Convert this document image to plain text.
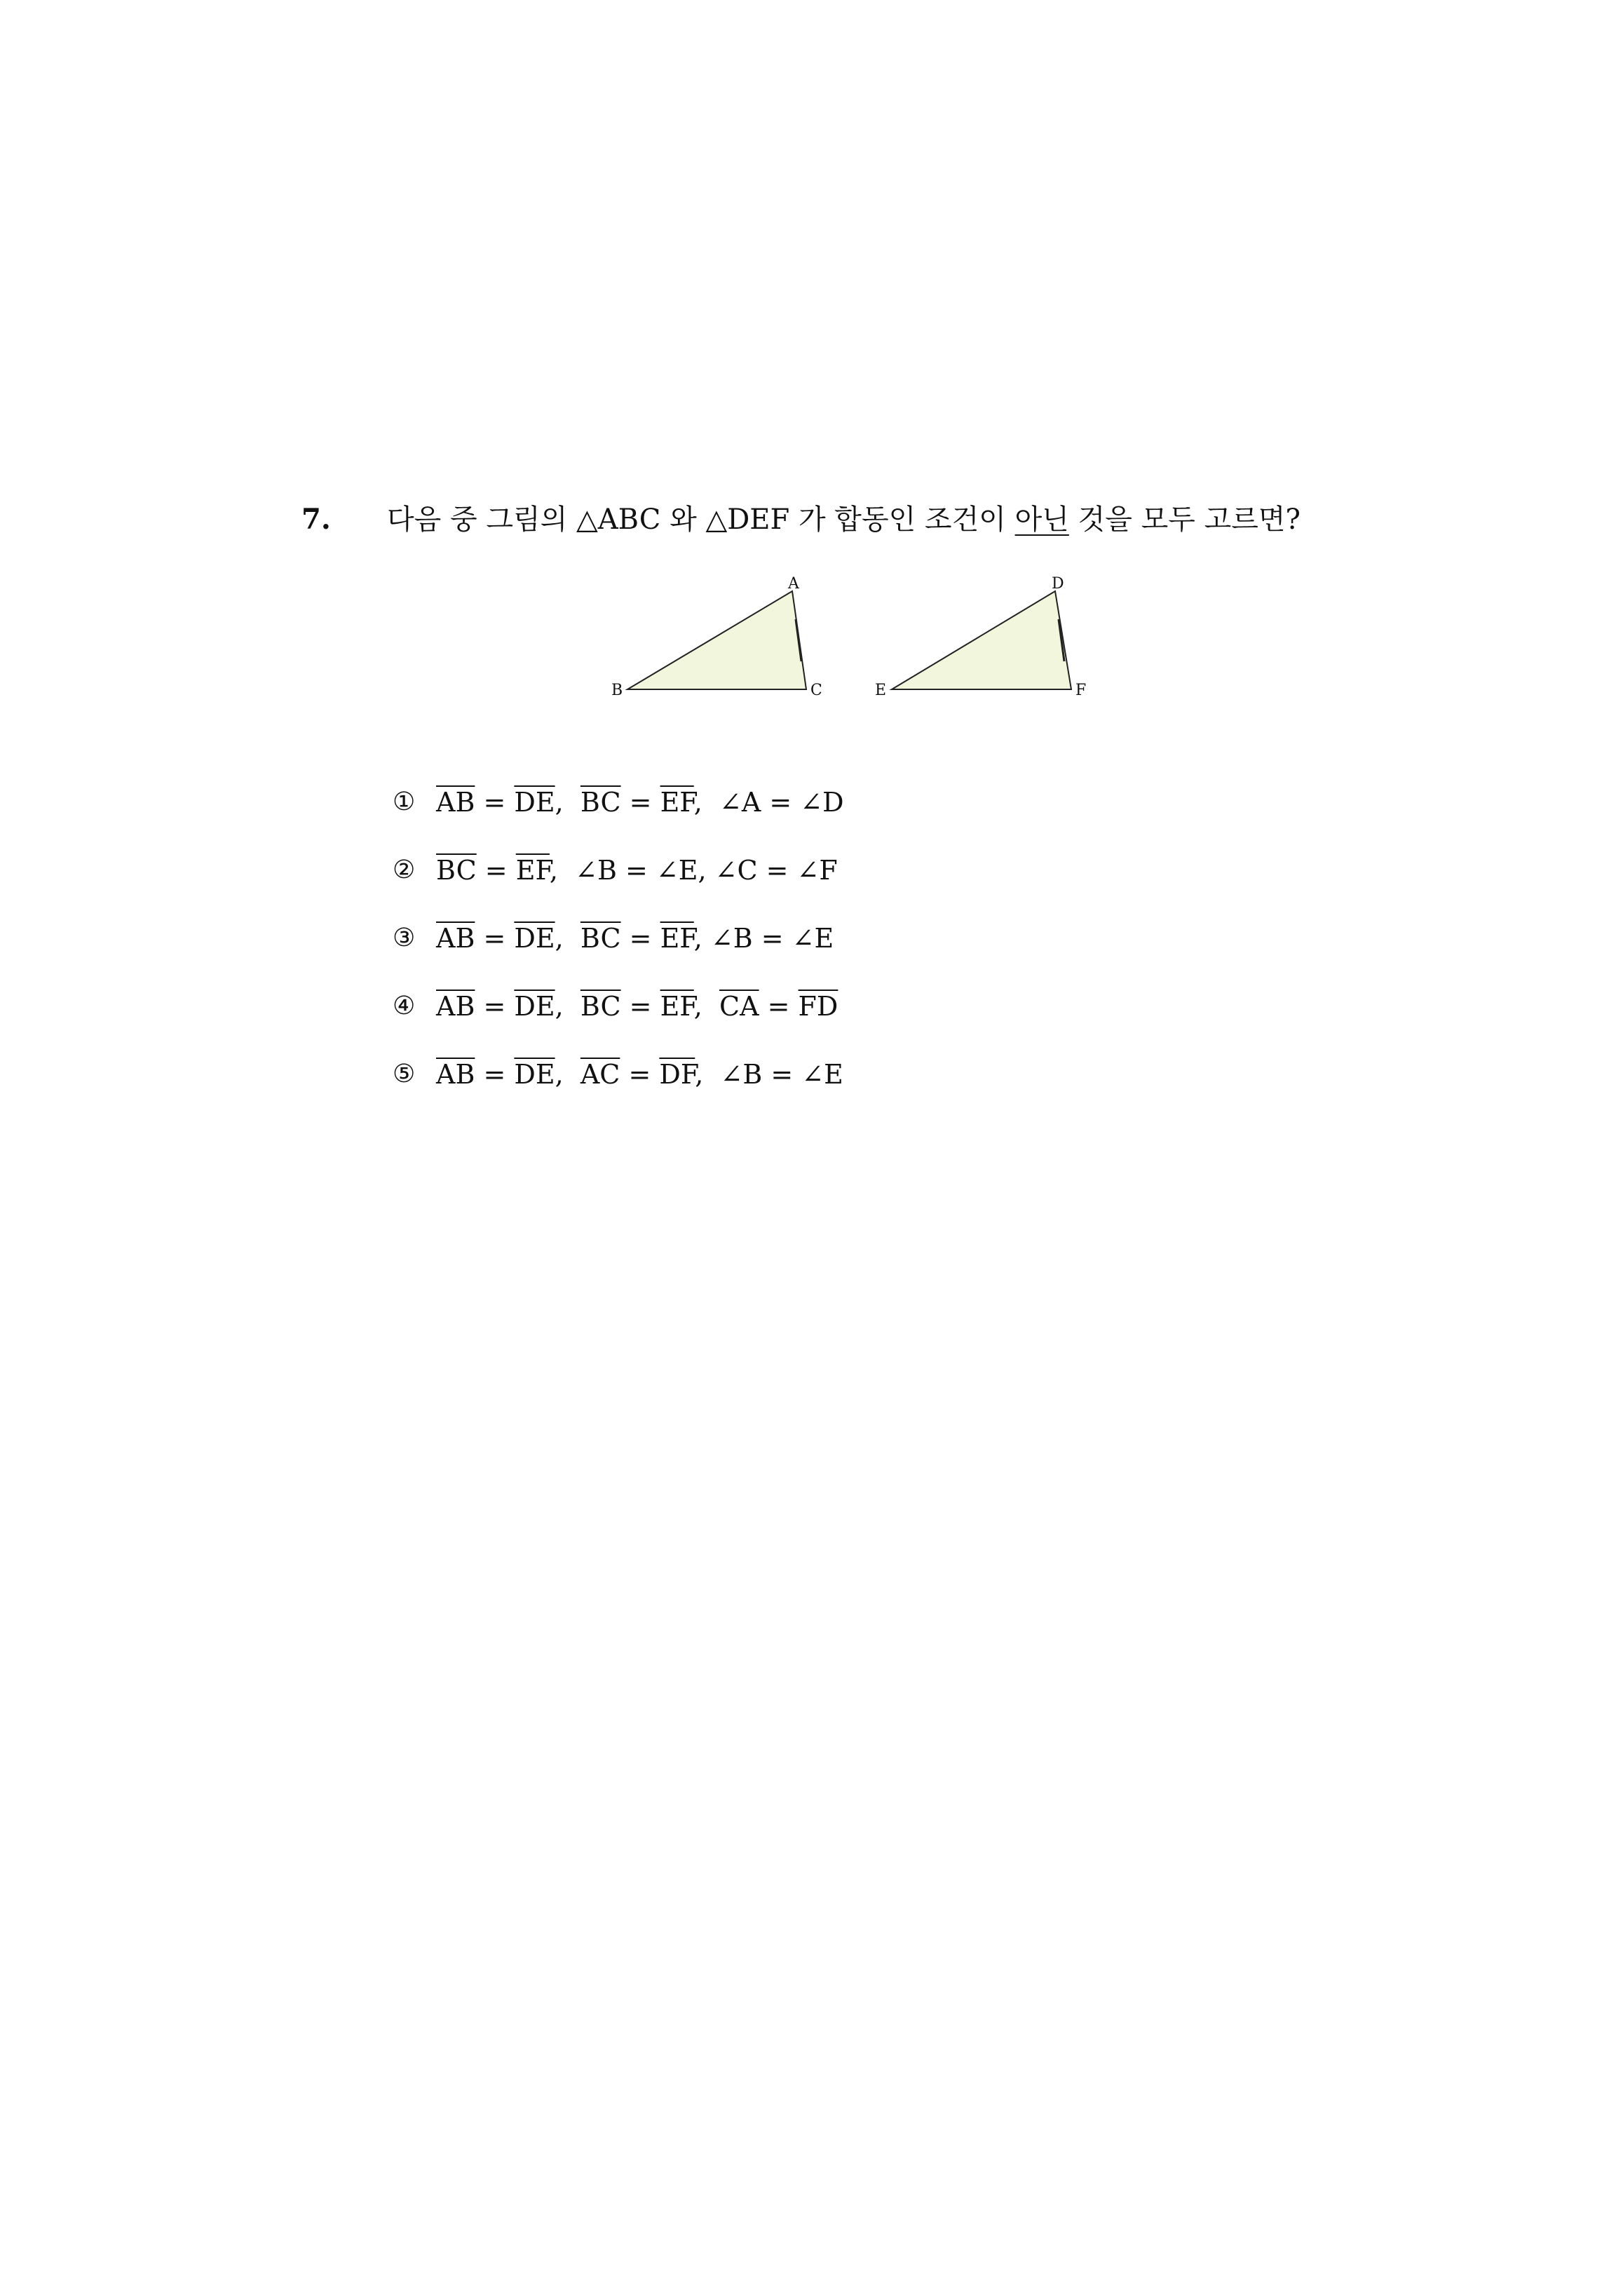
7. 다음 중 그림의 △ABC 와 △DEF 가 합동인 조건이 아닌 것을 모두 고르면?
A
B	C
D
E	F
① $\overline{AB} = \overline{DE}$,  $\overline{BC} = \overline{EF}$,  ∠A = ∠D
② $\overline{BC} = \overline{EF}$,  ∠B = ∠E, ∠C = ∠F
③ $\overline{AB} = \overline{DE}$,  $\overline{BC} = \overline{EF}$, ∠B = ∠E
④ $\overline{AB} = \overline{DE}$,  $\overline{BC} = \overline{EF}$,  $\overline{CA} = \overline{FD}$
⑤ $\overline{AB} = \overline{DE}$,  $\overline{AC} = \overline{DF}$,  ∠B = ∠E
